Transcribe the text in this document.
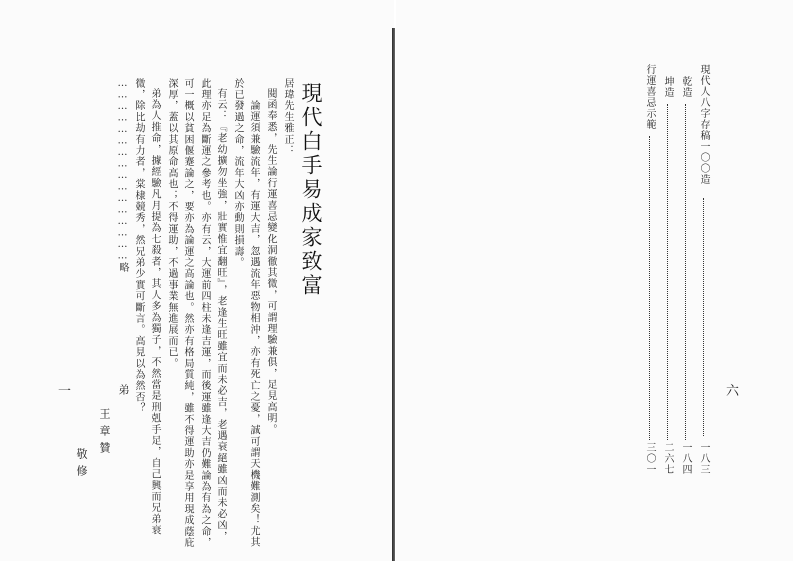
現代白手易成家致富
居瑋先生雅正：
閱函奉悉，先生論行運喜忌變化洞徹其微，可謂理驗兼俱，足見高明。
論運須兼驗流年，有運大吉，忽遇流年惡物相沖，亦有死亡之憂，誠可謂天機難測矣！尤其
於已發過之命，流年大凶亦動則損壽。
有云：『老幼擴勿坐強，壯實惟宜翻旺』，老逢生旺雖宜而未必吉，老遇衰絕雖凶而未必凶，
此理亦足為斷運之參考也。亦有云，大運前四柱未逢吉運，而後運雖逢大吉仍難論為有為之命，
可一概以貧困偃蹇論之，要亦為論運之高論也。然亦有格局質純，雖不得運助亦是享用現成蔭庇
深厚，蓋以其原命高也；不得運助，不過事業無進展而已。
弟為人推命，據經驗凡月提為七殺者，其人多為獨子，不然當是刑剋手足，自己興而兄弟衰
微，除比劫有力者，棠棣競秀，然兄弟少實可斷言。高見以為然否？
…………………………………………略
弟
王章贊
敬修
一	六
現代人八字存稿一〇〇造
一八三
乾造
一八四
坤造
二六七
行運喜忌示範
三〇一
